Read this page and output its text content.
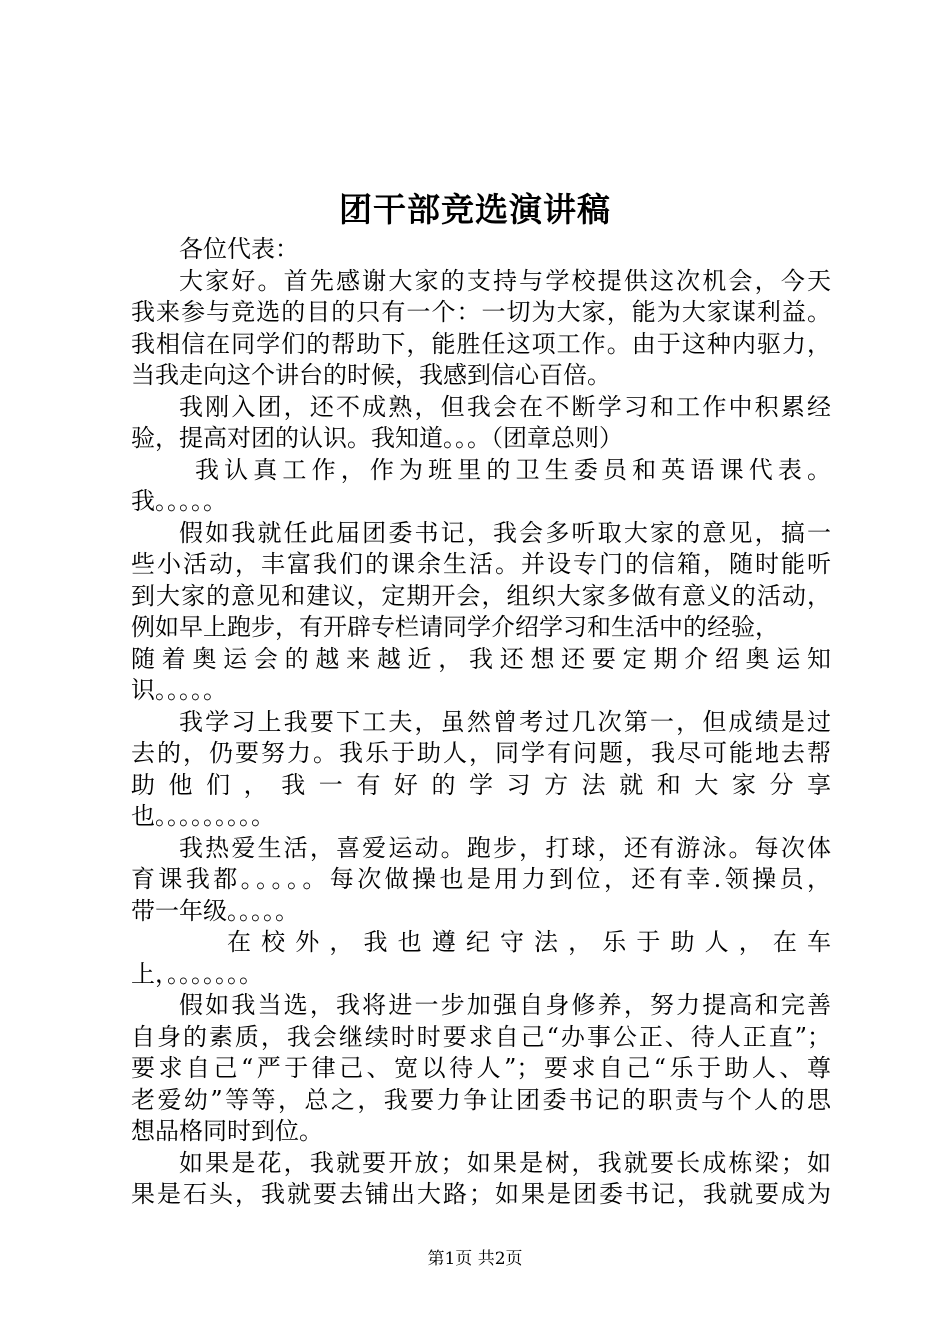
团干部竞选演讲稿
各位代表：
大家好。首先感谢大家的支持与学校提供这次机会，今天
我来参与竞选的目的只有一个：一切为大家，能为大家谋利益。
我相信在同学们的帮助下，能胜任这项工作。由于这种内驱力，
当我走向这个讲台的时候，我感到信心百倍。
我刚入团，还不成熟，但我会在不断学习和工作中积累经
验，提高对团的认识。我知道。。。（团章总则）
我认真工作，作为班里的卫生委员和英语课代表。
我。。。。。
假如我就任此届团委书记，我会多听取大家的意见，搞一
些小活动，丰富我们的课余生活。并设专门的信箱，随时能听
到大家的意见和建议，定期开会，组织大家多做有意义的活动，
例如早上跑步，有开辟专栏请同学介绍学习和生活中的经验，
随着奥运会的越来越近，我还想还要定期介绍奥运知
识。。。。。
我学习上我要下工夫，虽然曾考过几次第一，但成绩是过
去的，仍要努力。我乐于助人，同学有问题，我尽可能地去帮
助他们，我一有好的学习方法就和大家分享
也。。。。。。。。。
我热爱生活，喜爱运动。跑步，打球，还有游泳。每次体
育课我都。。。。。每次做操也是用力到位，还有幸.领操员，
带一年级。。。。。
在校外，我也遵纪守法，乐于助人，在车
上，。。。。。。。
假如我当选，我将进一步加强自身修养，努力提高和完善
自身的素质，我会继续时时要求自己“办事公正、待人正直”；
要求自己“严于律己、宽以待人”；要求自己“乐于助人、尊
老爱幼”等等，总之，我要力争让团委书记的职责与个人的思
想品格同时到位。
如果是花，我就要开放；如果是树，我就要长成栋梁；如
果是石头，我就要去铺出大路；如果是团委书记，我就要成为
第1页 共2页
